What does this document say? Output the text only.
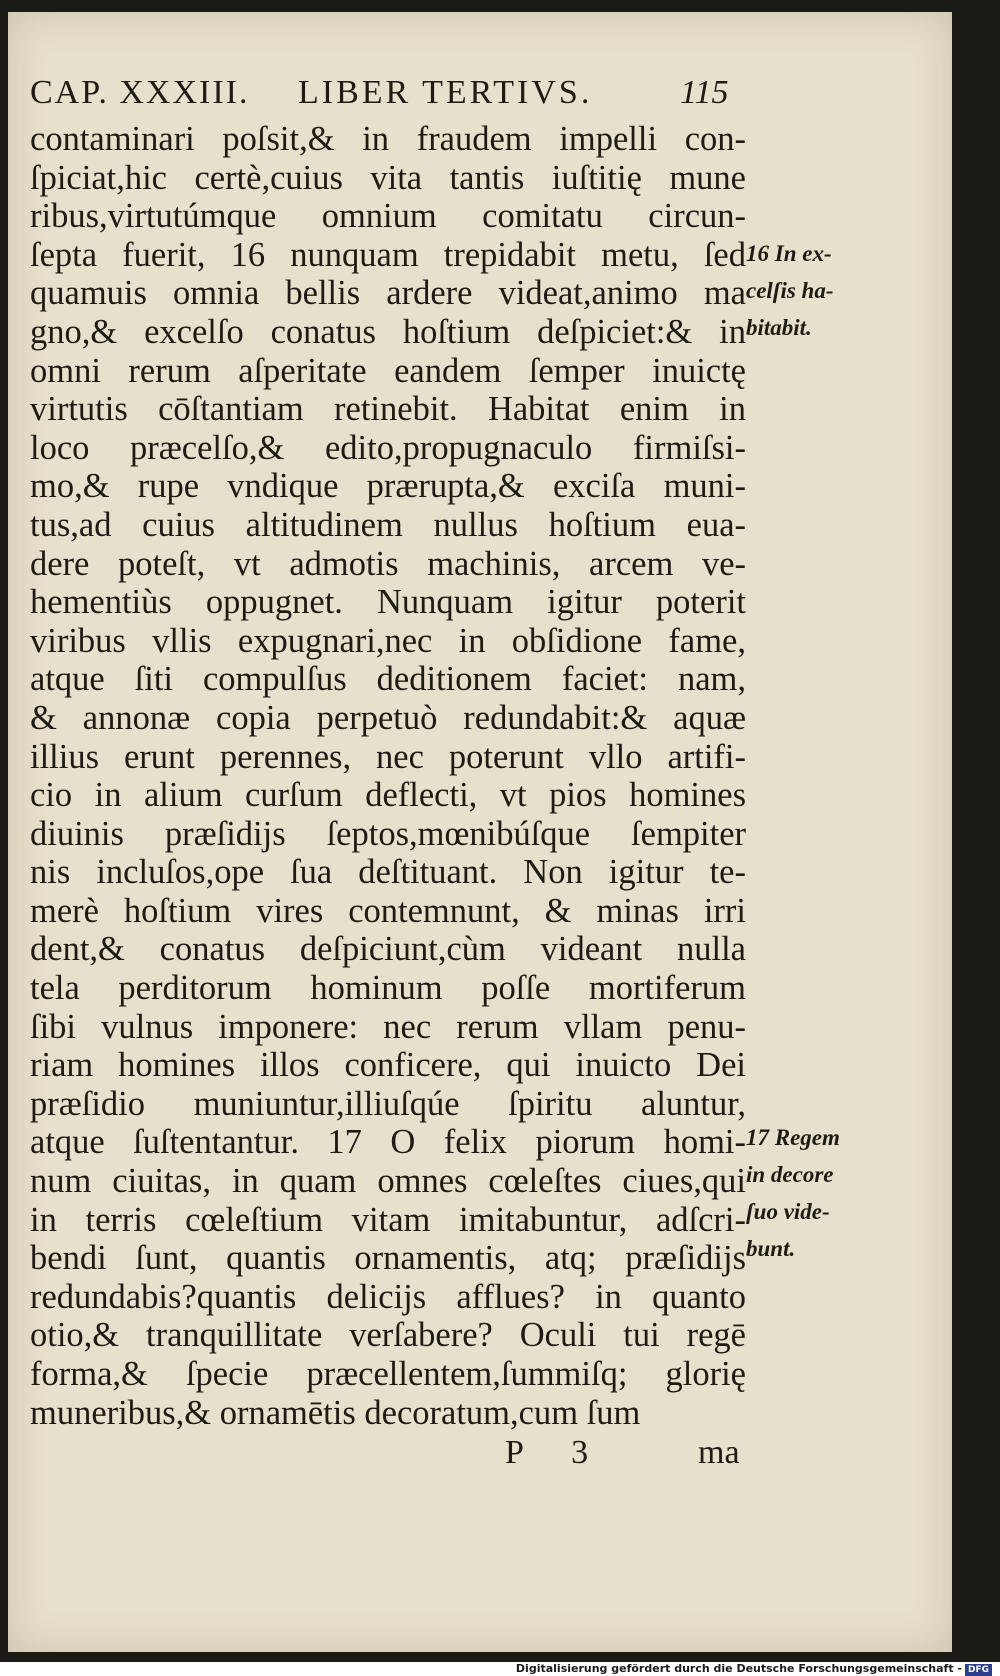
CAP. XXXIII. LIBER TERTIVS.	115
contaminari poſsit,& in fraudem impelli con-
ſpiciat,hic certè,cuius vita tantis iuſtitię mune
ribus,virtutúmque omnium comitatu circun-
ſepta fuerit, 16 nunquam trepidabit metu, ſed
quamuis omnia bellis ardere videat,animo ma
gno,& excelſo conatus hoſtium deſpiciet:& in
omni rerum aſperitate eandem ſemper inuictę
virtutis cōſtantiam retinebit. Habitat enim in
loco præcelſo,& edito,propugnaculo firmiſsi-
mo,& rupe vndique prærupta,& exciſa muni-
tus,ad cuius altitudinem nullus hoſtium eua-
dere poteſt, vt admotis machinis, arcem ve-
hementiùs oppugnet. Nunquam igitur poterit
viribus vllis expugnari,nec in obſidione fame,
atque ſiti compulſus deditionem faciet: nam,
& annonæ copia perpetuò redundabit:& aquæ
illius erunt perennes, nec poterunt vllo artifi-
cio in alium curſum deflecti, vt pios homines
diuinis præſidijs ſeptos,mœnibúſque ſempiter
nis incluſos,ope ſua deſtituant. Non igitur te-
merè hoſtium vires contemnunt, & minas irri
dent,& conatus deſpiciunt,cùm videant nulla
tela perditorum hominum poſſe mortiferum
ſibi vulnus imponere: nec rerum vllam penu-
riam homines illos conficere, qui inuicto Dei
præſidio muniuntur,illiuſqúe ſpiritu aluntur,
atque ſuſtentantur. 17 O felix piorum homi-
num ciuitas, in quam omnes cœleſtes ciues,qui
in terris cœleſtium vitam imitabuntur, adſcri-
bendi ſunt, quantis ornamentis, atq; præſidijs
redundabis?quantis delicijs afflues? in quanto
otio,& tranquillitate verſabere? Oculi tui regē
forma,& ſpecie præcellentem,ſummiſq; glorię
muneribus,& ornamētis decoratum,cum ſum
16 In ex-
celſis ha-
bitabit.
17 Regem
in decore
ſuo vide-
bunt.
P 3	ma
Digitalisierung gefördert durch die Deutsche Forschungsgemeinschaft - DFG
